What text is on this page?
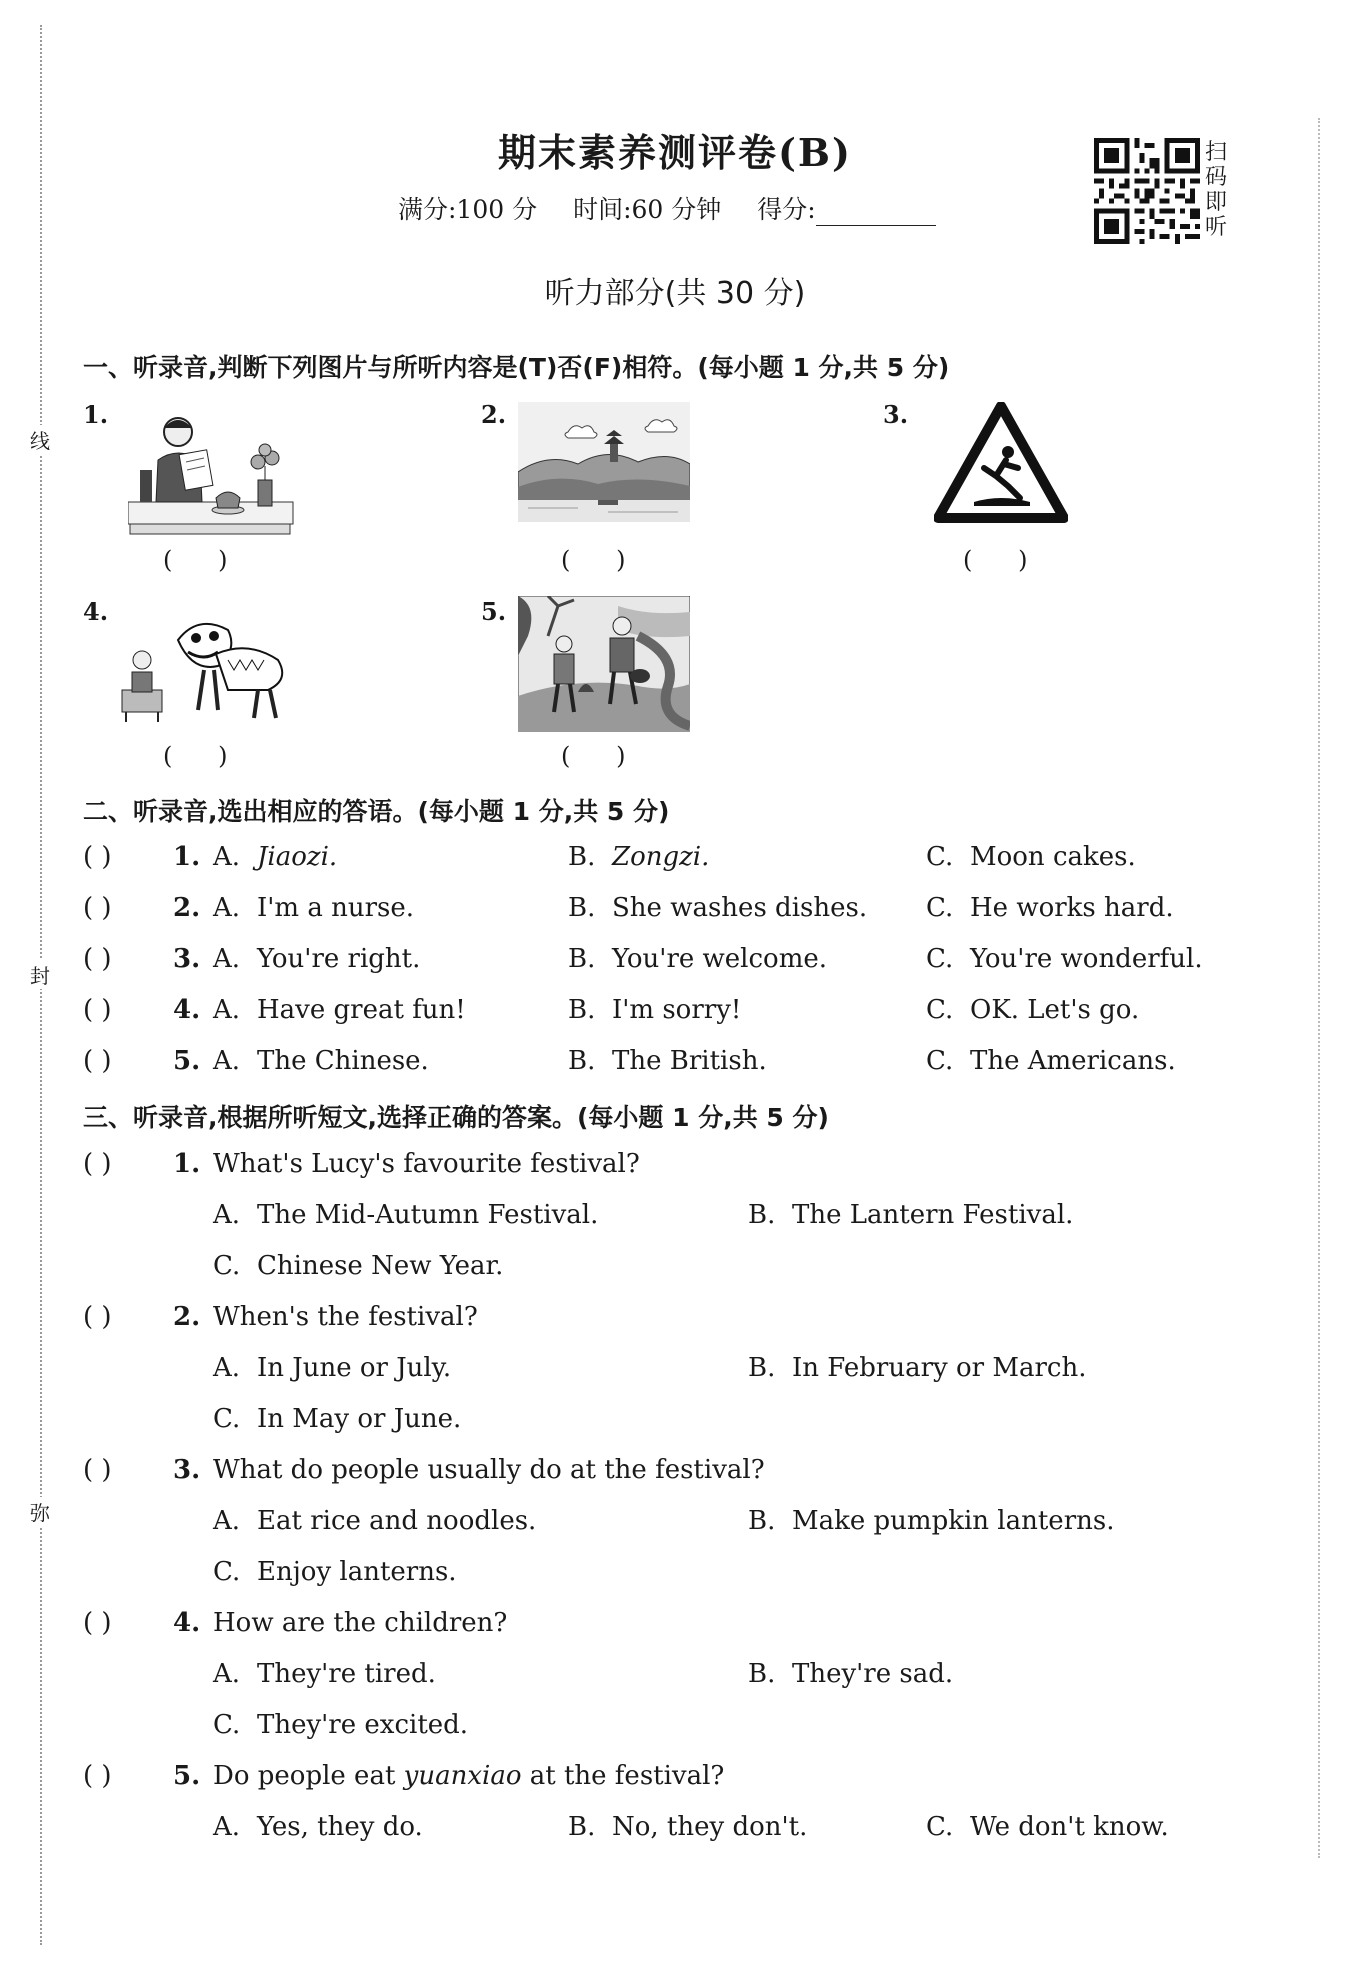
线
封
弥
期末素养测评卷(B)
满分:100 分 时间:60 分钟 得分:
扫
码
即
听
听力部分(共 30 分)
一、听录音,判断下列图片与所听内容是(T)否(F)相符。(每小题 1 分,共 5 分)
1.	2.	3.
4.	5.
(      )	(      )	(      )
(      )	(      )
二、听录音,选出相应的答语。(每小题 1 分,共 5 分)
( ) 1. A. Jiaozi.	B. Zongzi.	C. Moon cakes.
( ) 2. A. I'm a nurse.	B. She washes dishes. C. He works hard.
( ) 3. A. You're right.	B. You're welcome.	C. You're wonderful.
( ) 4. A. Have great fun!	B. I'm sorry!	C. OK. Let's go.
( ) 5. A. The Chinese.	B. The British.	C. The Americans.
三、听录音,根据所听短文,选择正确的答案。(每小题 1 分,共 5 分)
( ) 1. What's Lucy's favourite festival?
A. The Mid-Autumn Festival.	B. The Lantern Festival.
C. Chinese New Year.
( ) 2. When's the festival?
A. In June or July.	B. In February or March.
C. In May or June.
( ) 3. What do people usually do at the festival?
A. Eat rice and noodles.	B. Make pumpkin lanterns.
C. Enjoy lanterns.
( ) 4. How are the children?
A. They're tired.	B. They're sad.
C. They're excited.
( ) 5. Do people eat yuanxiao at the festival?
A. Yes, they do.	B. No, they don't.	C. We don't know.
